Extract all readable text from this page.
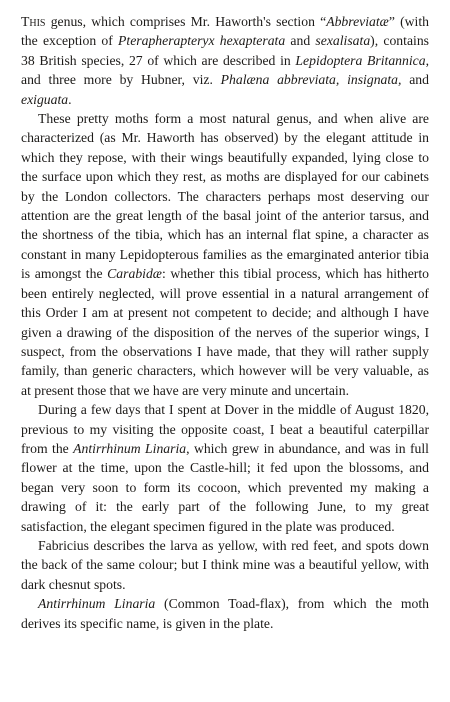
This genus, which comprises Mr. Haworth's section “Abbreviatæ” (with the exception of Pterapherapteryx hexapterata and sexalisata), contains 38 British species, 27 of which are described in Lepidoptera Britannica, and three more by Hubner, viz. Phalæna abbreviata, insignata, and exiguata.

These pretty moths form a most natural genus, and when alive are characterized (as Mr. Haworth has observed) by the elegant attitude in which they repose, with their wings beautifully expanded, lying close to the surface upon which they rest, as moths are displayed for our cabinets by the London collectors. The characters perhaps most deserving our attention are the great length of the basal joint of the anterior tarsus, and the shortness of the tibia, which has an internal flat spine, a character as constant in many Lepidopterous families as the emarginated anterior tibia is amongst the Carabidæ: whether this tibial process, which has hitherto been entirely neglected, will prove essential in a natural arrangement of this Order I am at present not competent to decide; and although I have given a drawing of the disposition of the nerves of the superior wings, I suspect, from the observations I have made, that they will rather supply family, than generic characters, which however will be very valuable, as at present those that we have are very minute and uncertain.

During a few days that I spent at Dover in the middle of August 1820, previous to my visiting the opposite coast, I beat a beautiful caterpillar from the Antirrhinum Linaria, which grew in abundance, and was in full flower at the time, upon the Castle-hill; it fed upon the blossoms, and began very soon to form its cocoon, which prevented my making a drawing of it: the early part of the following June, to my great satisfaction, the elegant specimen figured in the plate was produced.

Fabricius describes the larva as yellow, with red feet, and spots down the back of the same colour; but I think mine was a beautiful yellow, with dark chesnut spots.

Antirrhinum Linaria (Common Toad-flax), from which the moth derives its specific name, is given in the plate.
